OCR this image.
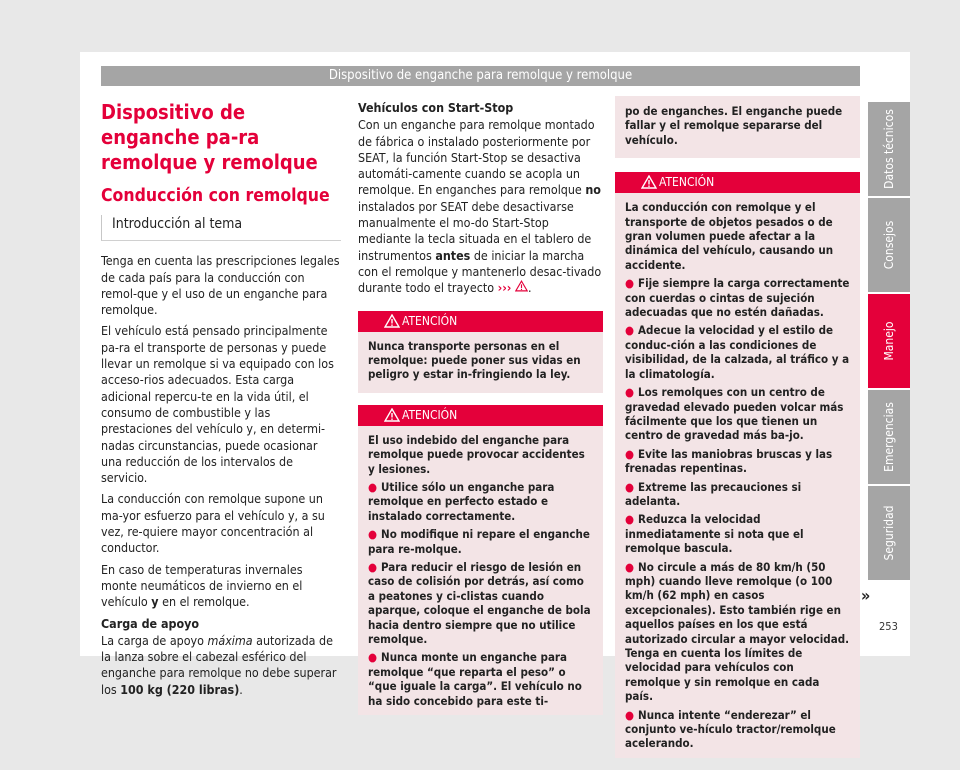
Dispositivo de enganche para remolque y remolque
Dispositivo de enganche pa-ra remolque y remolque
Conducción con remolque
Introducción al tema

Tenga en cuenta las prescripciones legales de cada país para la conducción con remol-que y el uso de un enganche para remolque.

El vehículo está pensado principalmente pa-ra el transporte de personas y puede llevar un remolque si va equipado con los acceso-rios adecuados. Esta carga adicional repercu-te en la vida útil, el consumo de combustible y las prestaciones del vehículo y, en determi-nadas circunstancias, puede ocasionar una reducción de los intervalos de servicio.

La conducción con remolque supone un ma-yor esfuerzo para el vehículo y, a su vez, re-quiere mayor concentración al conductor.

En caso de temperaturas invernales monte neumáticos de invierno en el vehículo y en el remolque.

Carga de apoyo

La carga de apoyo máxima autorizada de la lanza sobre el cabezal esférico del enganche para remolque no debe superar los 100 kg (220 libras).

Vehículos con Start-Stop

Con un enganche para remolque montado de fábrica o instalado posteriormente por SEAT, la función Start-Stop se desactiva automáti-camente cuando se acopla un remolque. En enganches para remolque no instalados por SEAT debe desactivarse manualmente el mo-do Start-Stop mediante la tecla situada en el tablero de instrumentos antes de iniciar la marcha con el remolque y mantenerlo desac-tivado durante todo el trayecto ››› .

ATENCIÓN

Nunca transporte personas en el remolque: puede poner sus vidas en peligro y estar in-fringiendo la ley.

ATENCIÓN

El uso indebido del enganche para remolque puede provocar accidentes y lesiones.

● Utilice sólo un enganche para remolque en perfecto estado e instalado correctamente.

● No modifique ni repare el enganche para re-molque.

● Para reducir el riesgo de lesión en caso de colisión por detrás, así como a peatones y ci-clistas cuando aparque, coloque el enganche de bola hacia dentro siempre que no utilice remolque.

● Nunca monte un enganche para remolque “que reparta el peso” o “que iguale la carga”. El vehículo no ha sido concebido para este ti-

po de enganches. El enganche puede fallar y el remolque separarse del vehículo.

ATENCIÓN

La conducción con remolque y el transporte de objetos pesados o de gran volumen puede afectar a la dinámica del vehículo, causando un accidente.

● Fije siempre la carga correctamente con cuerdas o cintas de sujeción adecuadas que no estén dañadas.

● Adecue la velocidad y el estilo de conduc-ción a las condiciones de visibilidad, de la calzada, al tráfico y a la climatología.

● Los remolques con un centro de gravedad elevado pueden volcar más fácilmente que los que tienen un centro de gravedad más ba-jo.

● Evite las maniobras bruscas y las frenadas repentinas.

● Extreme las precauciones si adelanta.

● Reduzca la velocidad inmediatamente si nota que el remolque bascula.

● No circule a más de 80 km/h (50 mph) cuando lleve remolque (o 100 km/h (62 mph) en casos excepcionales). Esto también rige en aquellos países en los que está autorizado circular a mayor velocidad. Tenga en cuenta los límites de velocidad para vehículos con remolque y sin remolque en cada país.

● Nunca intente “enderezar” el conjunto ve-hículo tractor/remolque acelerando.

»
Datos técnicos
Consejos
Manejo
Emergencias
Seguridad
253
